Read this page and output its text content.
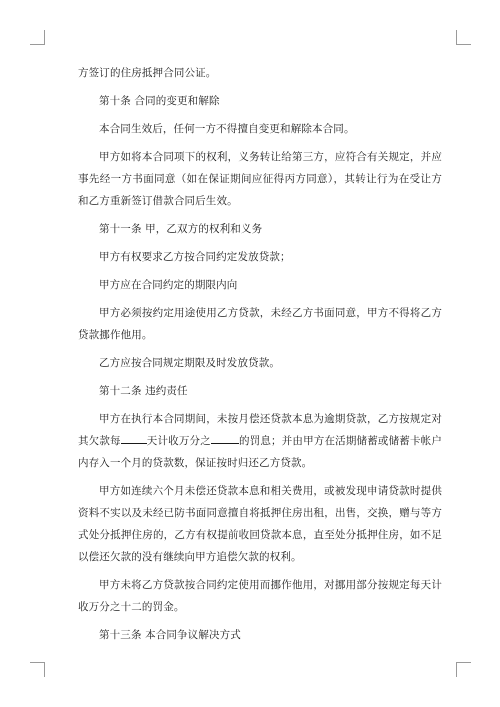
方签订的住房抵押合同公证。

第十条 合同的变更和解除

本合同生效后，任何一方不得擅自变更和解除本合同。

甲方如将本合同项下的权利，义务转让给第三方，应符合有关规定，并应事先经一方书面同意（如在保证期间应征得丙方同意），其转让行为在受让方和乙方重新签订借款合同后生效。

第十一条 甲，乙双方的权利和义务

甲方有权要求乙方按合同约定发放贷款；

甲方应在合同约定的期限内向

甲方必须按约定用途使用乙方贷款，未经乙方书面同意，甲方不得将乙方贷款挪作他用。

乙方应按合同规定期限及时发放贷款。

第十二条 违约责任

甲方在执行本合同期间，未按月偿还贷款本息为逾期贷款，乙方按规定对其欠款每 天计收万分之	的罚息；并由甲方在活期储蓄或储蓄卡帐户内存入一个月的贷款数，保证按时归还乙方贷款。

甲方如连续六个月未偿还贷款本息和相关费用，或被发现申请贷款时提供资料不实以及未经已防书面同意擅自将抵押住房出租，出售，交换，赠与等方式处分抵押住房的，乙方有权提前收回贷款本息，直至处分抵押住房，如不足以偿还欠款的没有继续向甲方追偿欠款的权利。

甲方未将乙方贷款按合同约定使用而挪作他用，对挪用部分按规定每天计收万分之十二的罚金。

第十三条 本合同争议解决方式
